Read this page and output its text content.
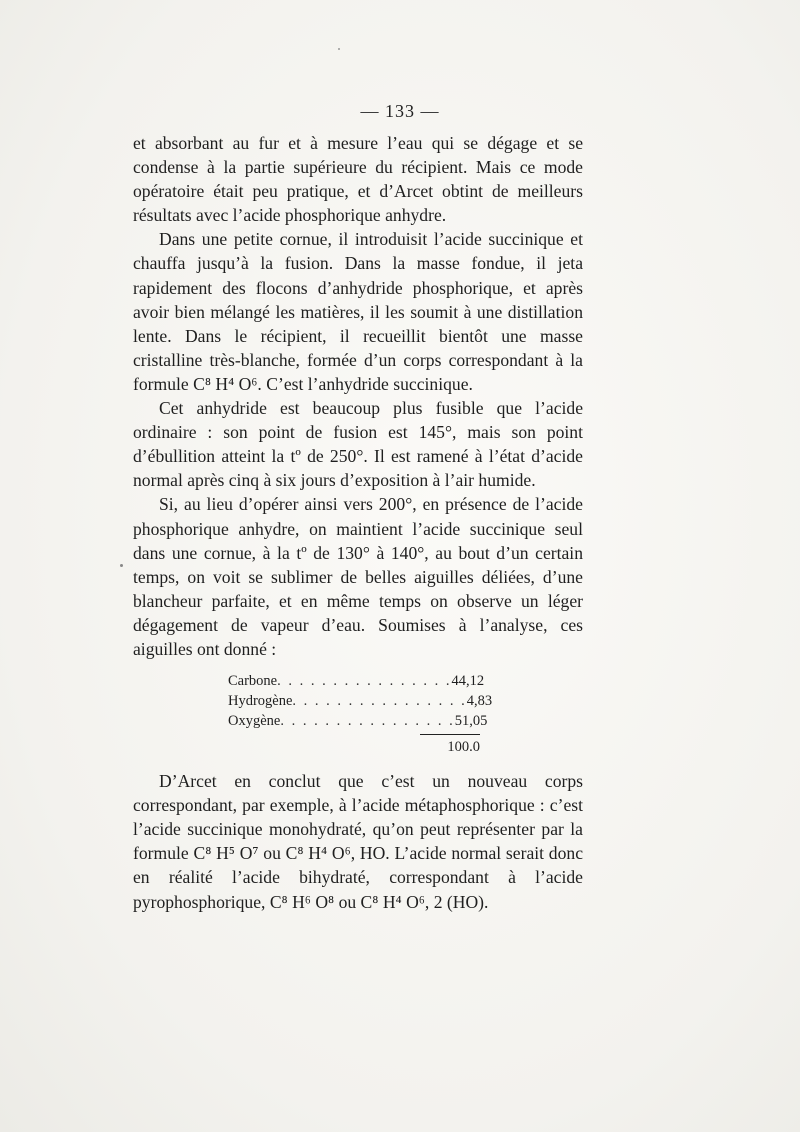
— 133 —

et absorbant au fur et à mesure l’eau qui se dégage et se condense à la partie supérieure du récipient. Mais ce mode opératoire était peu pratique, et d’Arcet obtint de meilleurs résultats avec l’acide phosphorique anhydre.

Dans une petite cornue, il introduisit l’acide succinique et chauffa jusqu’à la fusion. Dans la masse fondue, il jeta rapidement des flocons d’anhydride phosphorique, et après avoir bien mélangé les matières, il les soumit à une distillation lente. Dans le récipient, il recueillit bientôt une masse cristalline très-blanche, formée d’un corps correspondant à la formule C⁸ H⁴ O⁶. C’est l’anhydride succinique.

Cet anhydride est beaucoup plus fusible que l’acide ordinaire : son point de fusion est 145°, mais son point d’ébullition atteint la tº de 250°. Il est ramené à l’état d’acide normal après cinq à six jours d’exposition à l’air humide.

Si, au lieu d’opérer ainsi vers 200°, en présence de l’acide phosphorique anhydre, on maintient l’acide succinique seul dans une cornue, à la tº de 130° à 140°, au bout d’un certain temps, on voit se sublimer de belles aiguilles déliées, d’une blancheur parfaite, et en même temps on observe un léger dégagement de vapeur d’eau. Soumises à l’analyse, ces aiguilles ont donné :

Carbone . . . . . . . . . . . . . . . . 44,12
Hydrogène . . . . . . . . . . . . . . . . 4,83
Oxygène . . . . . . . . . . . . . . . . 51,05
100.0

D’Arcet en conclut que c’est un nouveau corps correspondant, par exemple, à l’acide métaphosphorique : c’est l’acide succinique monohydraté, qu’on peut représenter par la formule C⁸ H⁵ O⁷ ou C⁸ H⁴ O⁶, HO. L’acide normal serait donc en réalité l’acide bihydraté, correspondant à l’acide pyrophosphorique, C⁸ H⁶ O⁸ ou C⁸ H⁴ O⁶, 2 (HO).
